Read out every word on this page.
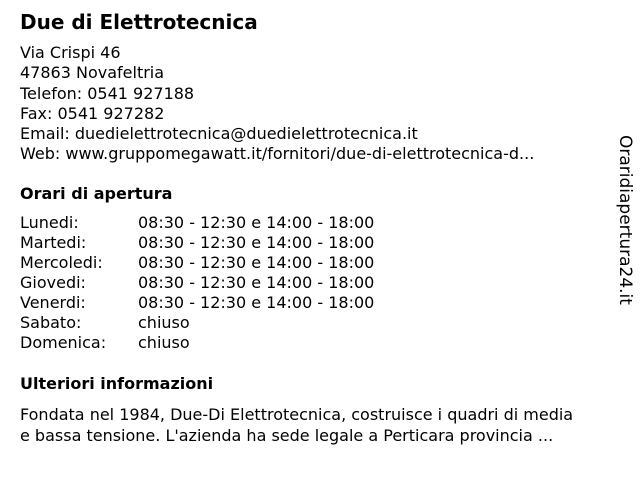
Due di Elettrotecnica
Via Crispi 46
47863 Novafeltria
Telefon: 0541 927188
Fax: 0541 927282
Email: duedielettrotecnica@duedielettrotecnica.it
Web: www.gruppomegawatt.it/fornitori/due-di-elettrotecnica-d...
Orari di apertura
Lunedi:	08:30 - 12:30 e 14:00 - 18:00
Martedi:	08:30 - 12:30 e 14:00 - 18:00
Mercoledi: 08:30 - 12:30 e 14:00 - 18:00
Giovedi:	08:30 - 12:30 e 14:00 - 18:00
Venerdi:	08:30 - 12:30 e 14:00 - 18:00
Sabato:	chiuso
Domenica: chiuso
Ulteriori informazioni
Fondata nel 1984, Due-Di Elettrotecnica, costruisce i quadri di media
e bassa tensione. L'azienda ha sede legale a Perticara provincia ...
Oraridiapertura24.it
